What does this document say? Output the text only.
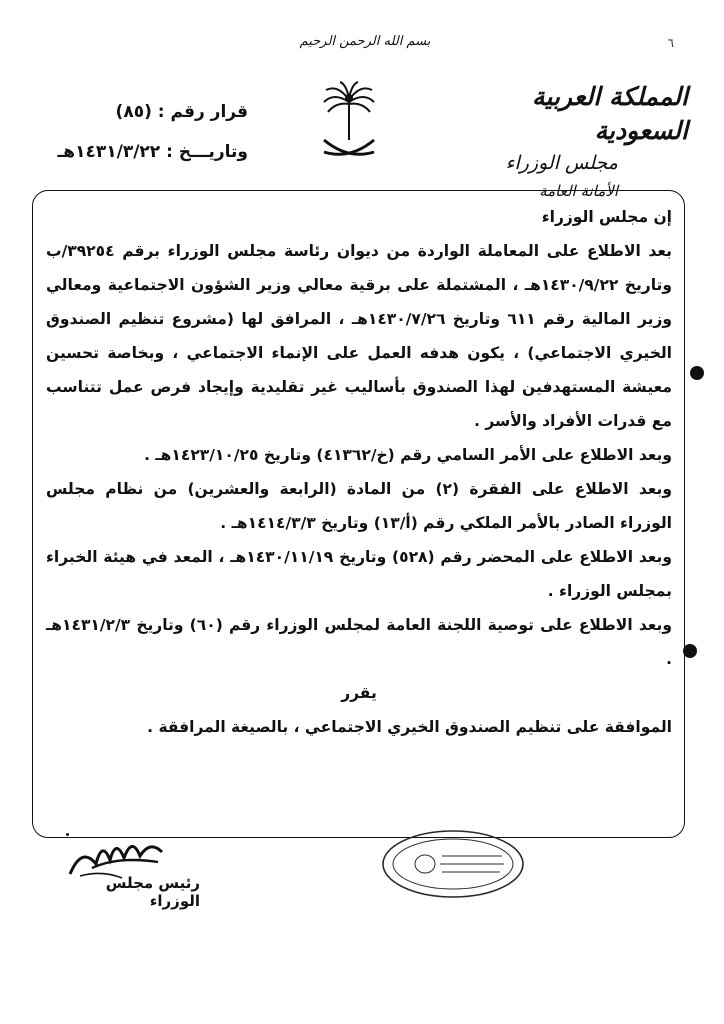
بسم الله الرحمن الرحيم	٦
المملكة العربية السعودية
مجلس الوزراء
الأمانة العامة
قرار رقم : (٨٥)
وتاريـــخ : ١٤٣١/٣/٢٢هـ

إن مجلس الوزراء

بعد الاطلاع على المعاملة الواردة من ديوان رئاسة مجلس الوزراء برقم ٣٩٢٥٤/ب وتاريخ ١٤٣٠/٩/٢٢هـ ، المشتملة على برقية معالي وزير الشؤون الاجتماعية ومعالي وزير المالية رقم ٦١١ وتاريخ ١٤٣٠/٧/٢٦هـ ، المرافق لها (مشروع تنظيم الصندوق الخيري الاجتماعي) ، يكون هدفه العمل على الإنماء الاجتماعي ، وبخاصة تحسين معيشة المستهدفين لهذا الصندوق بأساليب غير تقليدية وإيجاد فرص عمل تتناسب مع قدرات الأفراد والأسر .

وبعد الاطلاع على الأمر السامي رقم (خ/٤١٣٦٢) وتاريخ ١٤٢٣/١٠/٢٥هـ .

وبعد الاطلاع على الفقرة (٢) من المادة (الرابعة والعشرين) من نظام مجلس الوزراء الصادر بالأمر الملكي رقم (أ/١٣) وتاريخ ١٤١٤/٣/٣هـ .

وبعد الاطلاع على المحضر رقم (٥٢٨) وتاريخ ١٤٣٠/١١/١٩هـ ، المعد في هيئة الخبراء بمجلس الوزراء .

وبعد الاطلاع على توصية اللجنة العامة لمجلس الوزراء رقم (٦٠) وتاريخ ١٤٣١/٢/٣هـ .

يقرر

الموافقة على تنظيم الصندوق الخيري الاجتماعي ، بالصيغة المرافقة .

رئيس مجلس الوزراء
